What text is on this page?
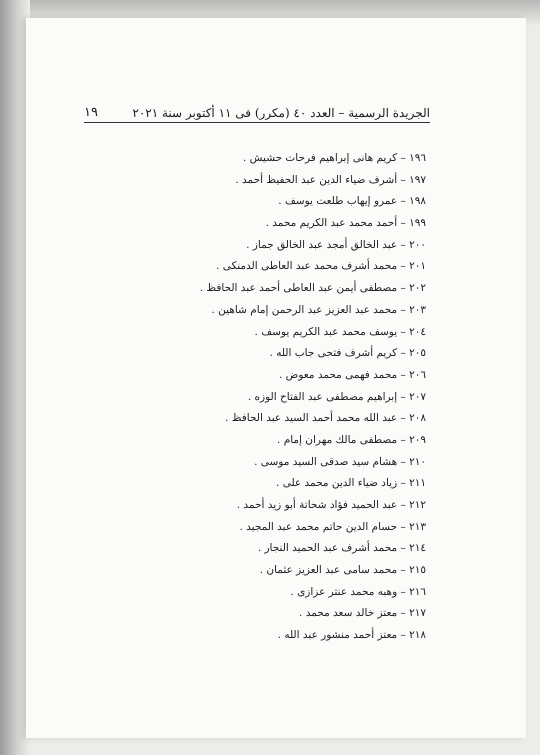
الجريدة الرسمية – العدد ٤٠ (مكرر) فى ١١ أكتوبر سنة ٢٠٢١
١٩
١٩٦ – كريم هانى إبراهيم فرحات حشيش .
١٩٧ – أشرف ضياء الدين عبد الحفيظ أحمد .
١٩٨ – عمرو إيهاب طلعت يوسف .
١٩٩ – أحمد محمد عبد الكريم محمد .
٢٠٠ – عبد الخالق أمجد عبد الخالق جماز .
٢٠١ – محمد أشرف محمد عبد العاطى الدمنكى .
٢٠٢ – مصطفى أيمن عبد العاطى أحمد عبد الحافظ .
٢٠٣ – محمد عبد العزيز عبد الرحمن إمام شاهين .
٢٠٤ – يوسف محمد عبد الكريم يوسف .
٢٠٥ – كريم أشرف فتحى جاب الله .
٢٠٦ – محمد فهمى محمد معوض .
٢٠٧ – إبراهيم مصطفى عبد الفتاح الوزه .
٢٠٨ – عبد الله محمد أحمد السيد عبد الحافظ .
٢٠٩ – مصطفى مالك مهران إمام .
٢١٠ – هشام سيد صدقى السيد موسى .
٢١١ – زياد ضياء الدين محمد على .
٢١٢ – عبد الحميد فؤاد شحاتة أبو زيد أحمد .
٢١٣ – حسام الدين حاتم محمد عبد المجيد .
٢١٤ – محمد أشرف عبد الحميد النجار .
٢١٥ – محمد سامى عبد العزيز عثمان .
٢١٦ – وهبه محمد عنتر عزازى .
٢١٧ – معتز خالد سعد محمد .
٢١٨ – معتز أحمد منشور عبد الله .
